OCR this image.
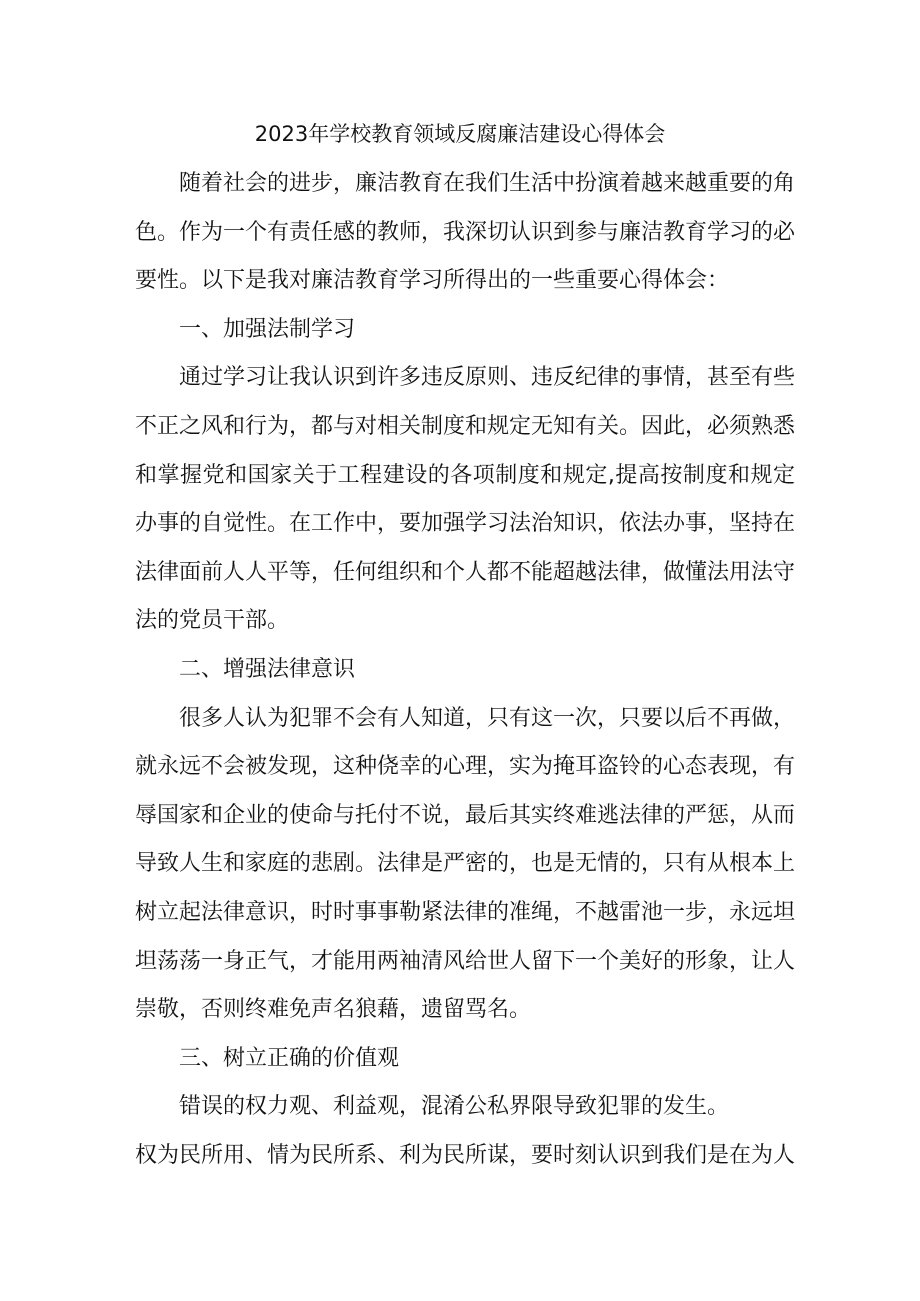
2023年学校教育领域反腐廉洁建设心得体会

随着社会的进步，廉洁教育在我们生活中扮演着越来越重要的角色。作为一个有责任感的教师，我深切认识到参与廉洁教育学习的必要性。以下是我对廉洁教育学习所得出的一些重要心得体会：

一、加强法制学习

通过学习让我认识到许多违反原则、违反纪律的事情，甚至有些不正之风和行为，都与对相关制度和规定无知有关。因此，必须熟悉和掌握党和国家关于工程建设的各项制度和规定,提高按制度和规定办事的自觉性。在工作中，要加强学习法治知识，依法办事，坚持在法律面前人人平等，任何组织和个人都不能超越法律，做懂法用法守法的党员干部。

二、增强法律意识

很多人认为犯罪不会有人知道，只有这一次，只要以后不再做，就永远不会被发现，这种侥幸的心理，实为掩耳盗铃的心态表现，有辱国家和企业的使命与托付不说，最后其实终难逃法律的严惩，从而导致人生和家庭的悲剧。法律是严密的，也是无情的，只有从根本上树立起法律意识，时时事事勒紧法律的准绳，不越雷池一步，永远坦坦荡荡一身正气，才能用两袖清风给世人留下一个美好的形象，让人崇敬，否则终难免声名狼藉，遗留骂名。

三、树立正确的价值观

错误的权力观、利益观，混淆公私界限导致犯罪的发生。

权为民所用、情为民所系、利为民所谋，要时刻认识到我们是在为人
